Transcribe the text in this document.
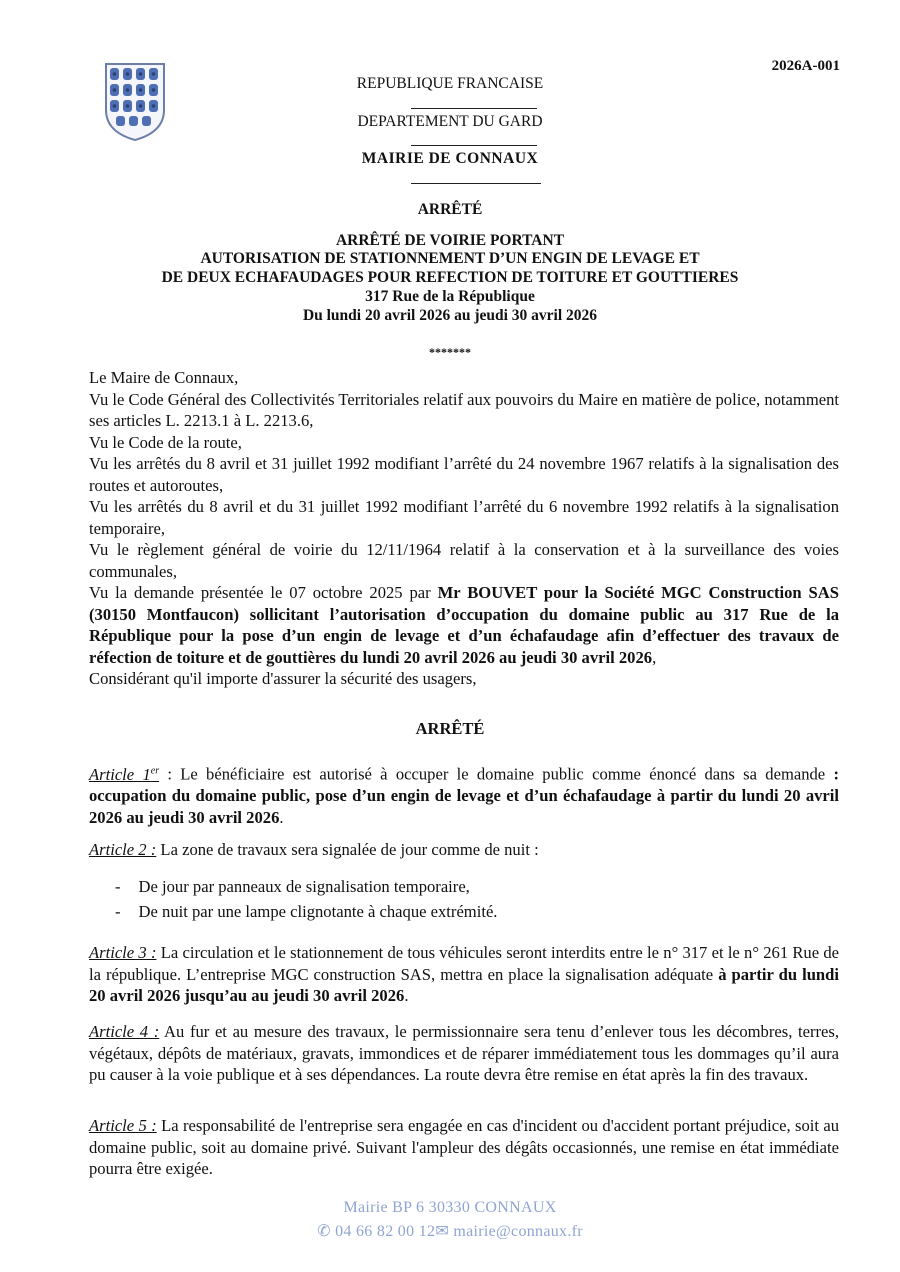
2026A-001
REPUBLIQUE FRANCAISE
DEPARTEMENT DU GARD
MAIRIE DE CONNAUX
ARRÊTÉ
ARRÊTÉ DE VOIRIE PORTANT
AUTORISATION DE STATIONNEMENT D’UN ENGIN DE LEVAGE ET
DE DEUX ECHAFAUDAGES POUR REFECTION DE TOITURE ET GOUTTIERES
317 Rue de la République
Du lundi 20 avril 2026 au jeudi 30 avril 2026
*******

Le Maire de Connaux,

Vu le Code Général des Collectivités Territoriales relatif aux pouvoirs du Maire en matière de police, notamment ses articles L. 2213.1 à L. 2213.6,

Vu le Code de la route,

Vu les arrêtés du 8 avril et 31 juillet 1992 modifiant l’arrêté du 24 novembre 1967 relatifs à la signalisation des routes et autoroutes,

Vu les arrêtés du 8 avril et du 31 juillet 1992 modifiant l’arrêté du 6 novembre 1992 relatifs à la signalisation temporaire,

Vu le règlement général de voirie du 12/11/1964 relatif à la conservation et à la surveillance des voies communales,

Vu la demande présentée le 07 octobre 2025 par Mr BOUVET pour la Société MGC Construction SAS (30150 Montfaucon) sollicitant l’autorisation d’occupation du domaine public au 317 Rue de la République pour la pose d’un engin de levage et d’un échafaudage afin d’effectuer des travaux de réfection de toiture et de gouttières du lundi 20 avril 2026 au jeudi 30 avril 2026,

Considérant qu'il importe d'assurer la sécurité des usagers,

ARRÊTÉ
Article 1er : Le bénéficiaire est autorisé à occuper le domaine public comme énoncé dans sa demande : occupation du domaine public, pose d’un engin de levage et d’un échafaudage à partir du lundi 20 avril 2026 au jeudi 30 avril 2026.
Article 2 : La zone de travaux sera signalée de jour comme de nuit :
- De jour par panneaux de signalisation temporaire,
- De nuit par une lampe clignotante à chaque extrémité.
Article 3 : La circulation et le stationnement de tous véhicules seront interdits entre le n° 317 et le n° 261 Rue de la république. L’entreprise MGC construction SAS, mettra en place la signalisation adéquate à partir du lundi 20 avril 2026 jusqu’au au jeudi 30 avril 2026.
Article 4 : Au fur et au mesure des travaux, le permissionnaire sera tenu d’enlever tous les décombres, terres, végétaux, dépôts de matériaux, gravats, immondices et de réparer immédiatement tous les dommages qu’il aura pu causer à la voie publique et à ses dépendances. La route devra être remise en état après la fin des travaux.
Article 5 : La responsabilité de l'entreprise sera engagée en cas d'incident ou d'accident portant préjudice, soit au domaine public, soit au domaine privé. Suivant l'ampleur des dégâts occasionnés, une remise en état immédiate pourra être exigée.
Mairie BP 6 30330 CONNAUX
✆ 04 66 82 00 12✉ mairie@connaux.fr
